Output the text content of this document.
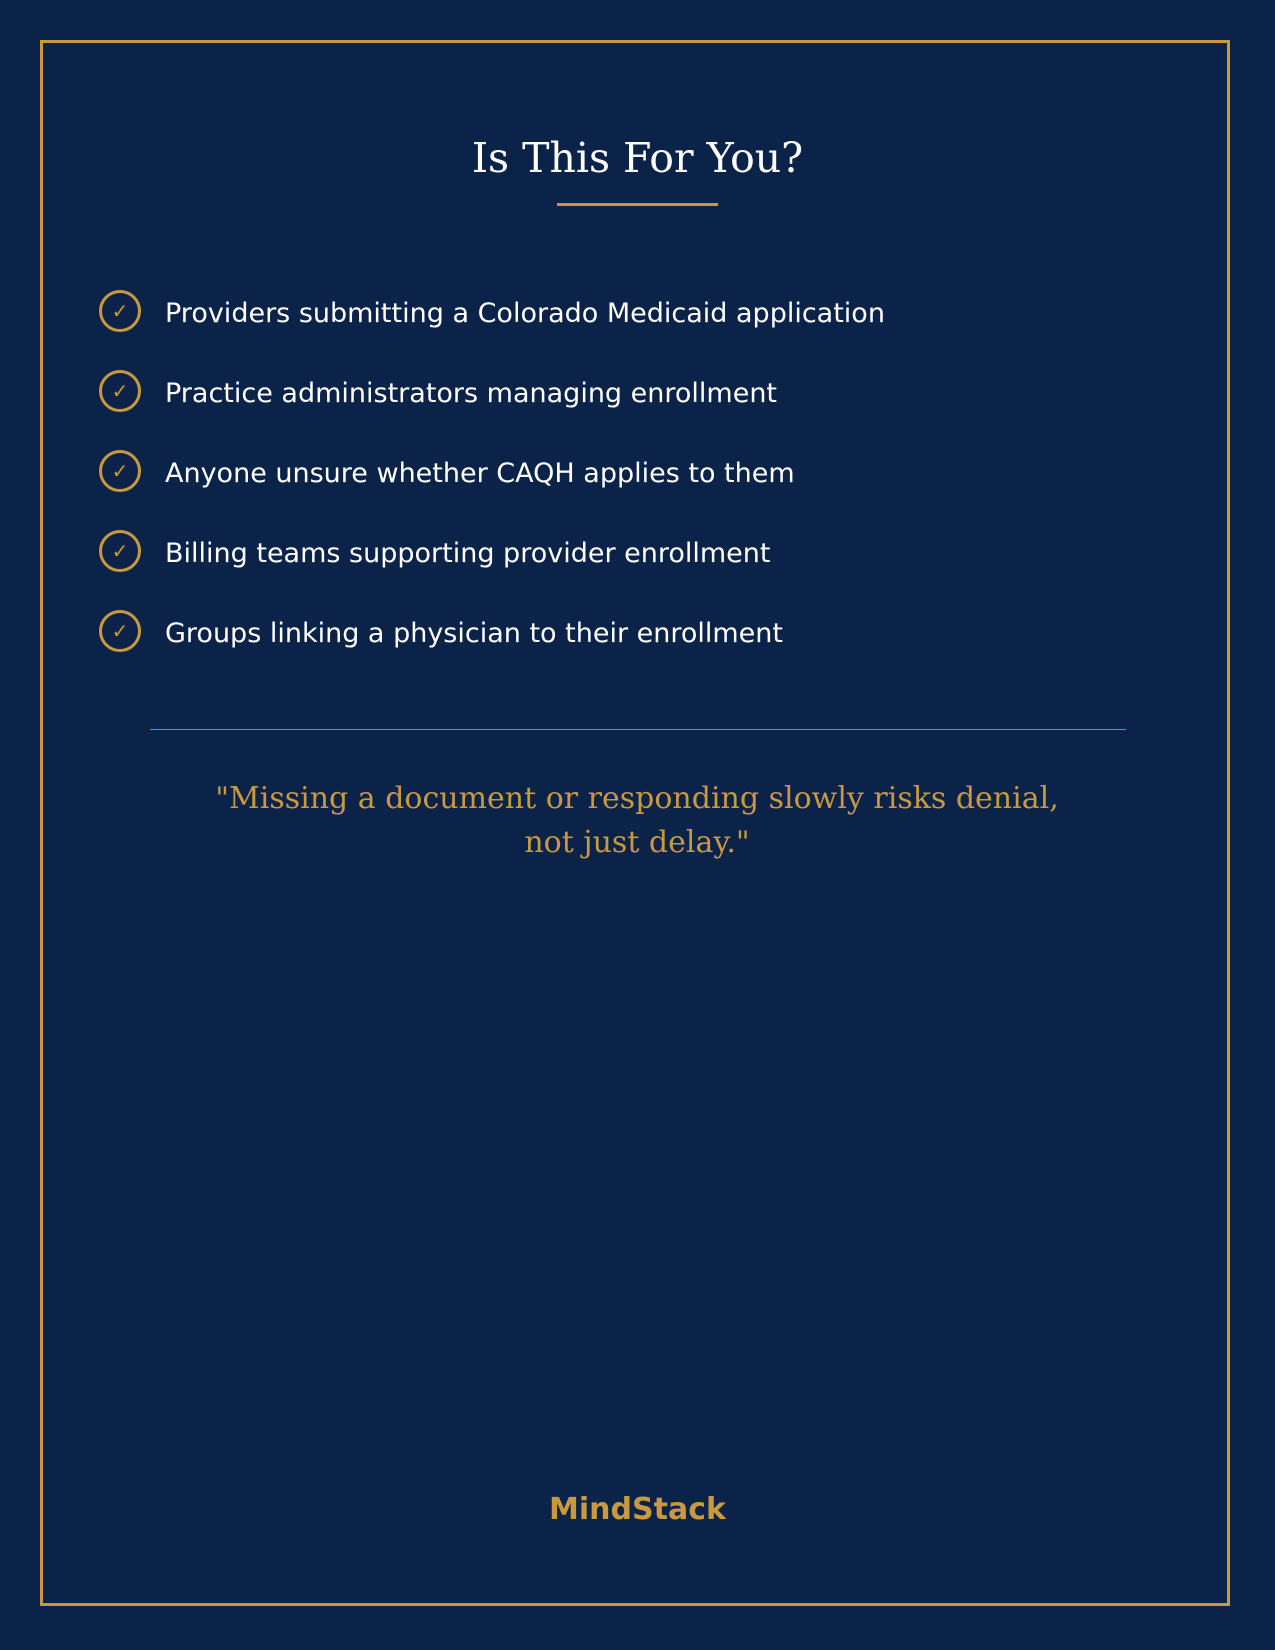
Is This For You?
✓	Providers submitting a Colorado Medicaid application
✓	Practice administrators managing enrollment
✓	Anyone unsure whether CAQH applies to them
✓	Billing teams supporting provider enrollment
✓	Groups linking a physician to their enrollment

"Missing a document or responding slowly risks denial,
not just delay."

MindStack
